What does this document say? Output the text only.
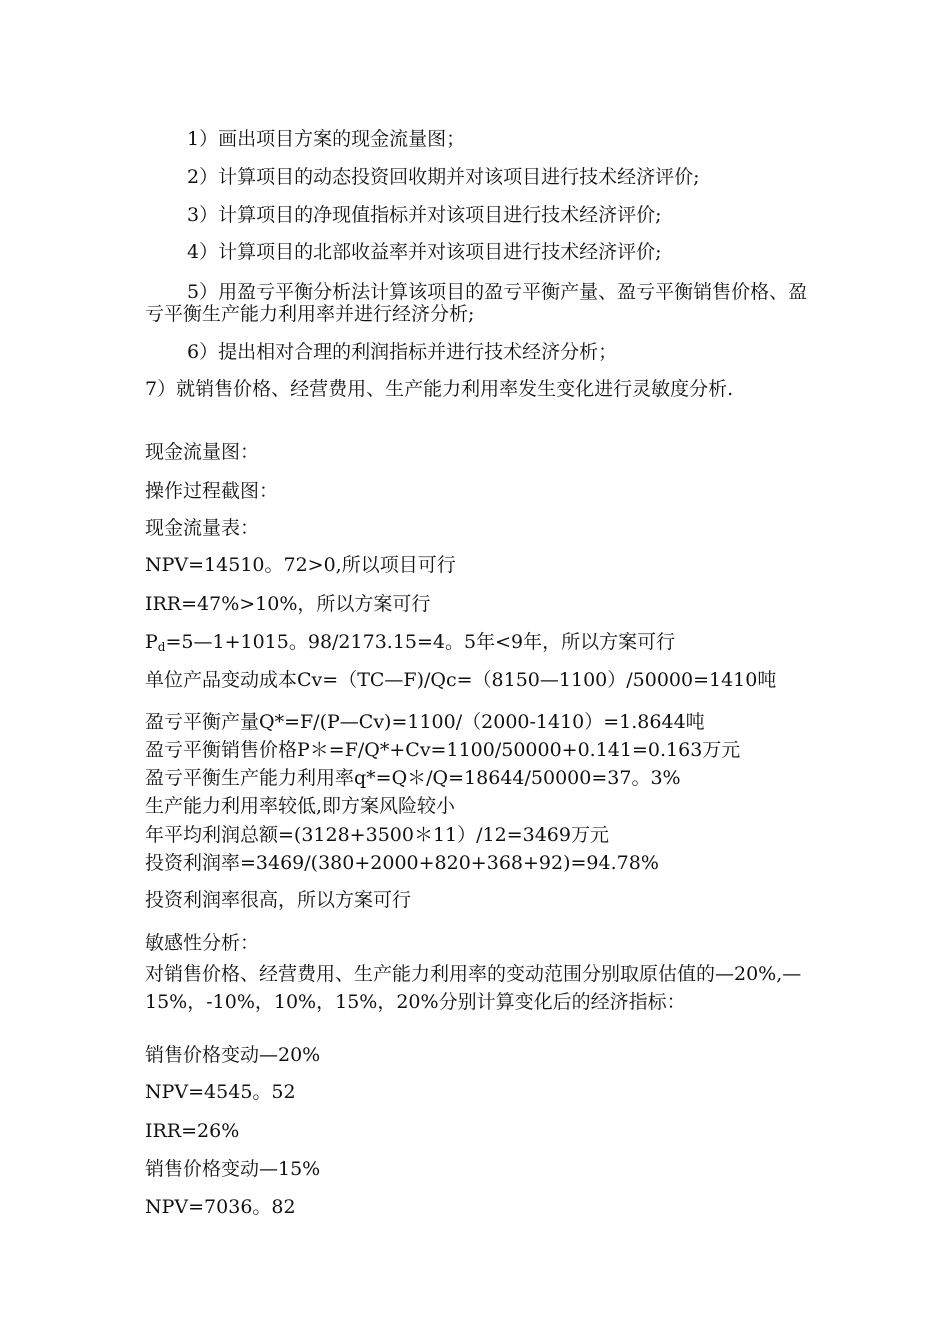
1）画出项目方案的现金流量图；
2）计算项目的动态投资回收期并对该项目进行技术经济评价;
3）计算项目的净现值指标并对该项目进行技术经济评价;
4）计算项目的北部收益率并对该项目进行技术经济评价;
5）用盈亏平衡分析法计算该项目的盈亏平衡产量、盈亏平衡销售价格、盈亏平衡生产能力利用率并进行经济分析;
6）提出相对合理的利润指标并进行技术经济分析；
7）就销售价格、经营费用、生产能力利用率发生变化进行灵敏度分析.
现金流量图：
操作过程截图：
现金流量表：
NPV=14510。72>0,所以项目可行
IRR=47%>10%，所以方案可行
$P_d=5—1+1015$。98/2173.15=4。5年<9年，所以方案可行
单位产品变动成本Cv=（TC—F)/Qc=（8150—1100）/50000=1410吨
盈亏平衡产量Q*=F/(P—Cv)=1100/（2000-1410）=1.8644吨
盈亏平衡销售价格P＊=F/Q*+Cv=1100/50000+0.141=0.163万元
盈亏平衡生产能力利用率q*=Q＊/Q=18644/50000=37。3%
生产能力利用率较低,即方案风险较小
年平均利润总额=(3128+3500＊11）/12=3469万元
投资利润率=3469/(380+2000+820+368+92)=94.78%
投资利润率很高，所以方案可行
敏感性分析：
对销售价格、经营费用、生产能力利用率的变动范围分别取原估值的—20%,—15%，-10%，10%，15%，20%分别计算变化后的经济指标：
销售价格变动—20%
NPV=4545。52
IRR=26%
销售价格变动—15%
NPV=7036。82
